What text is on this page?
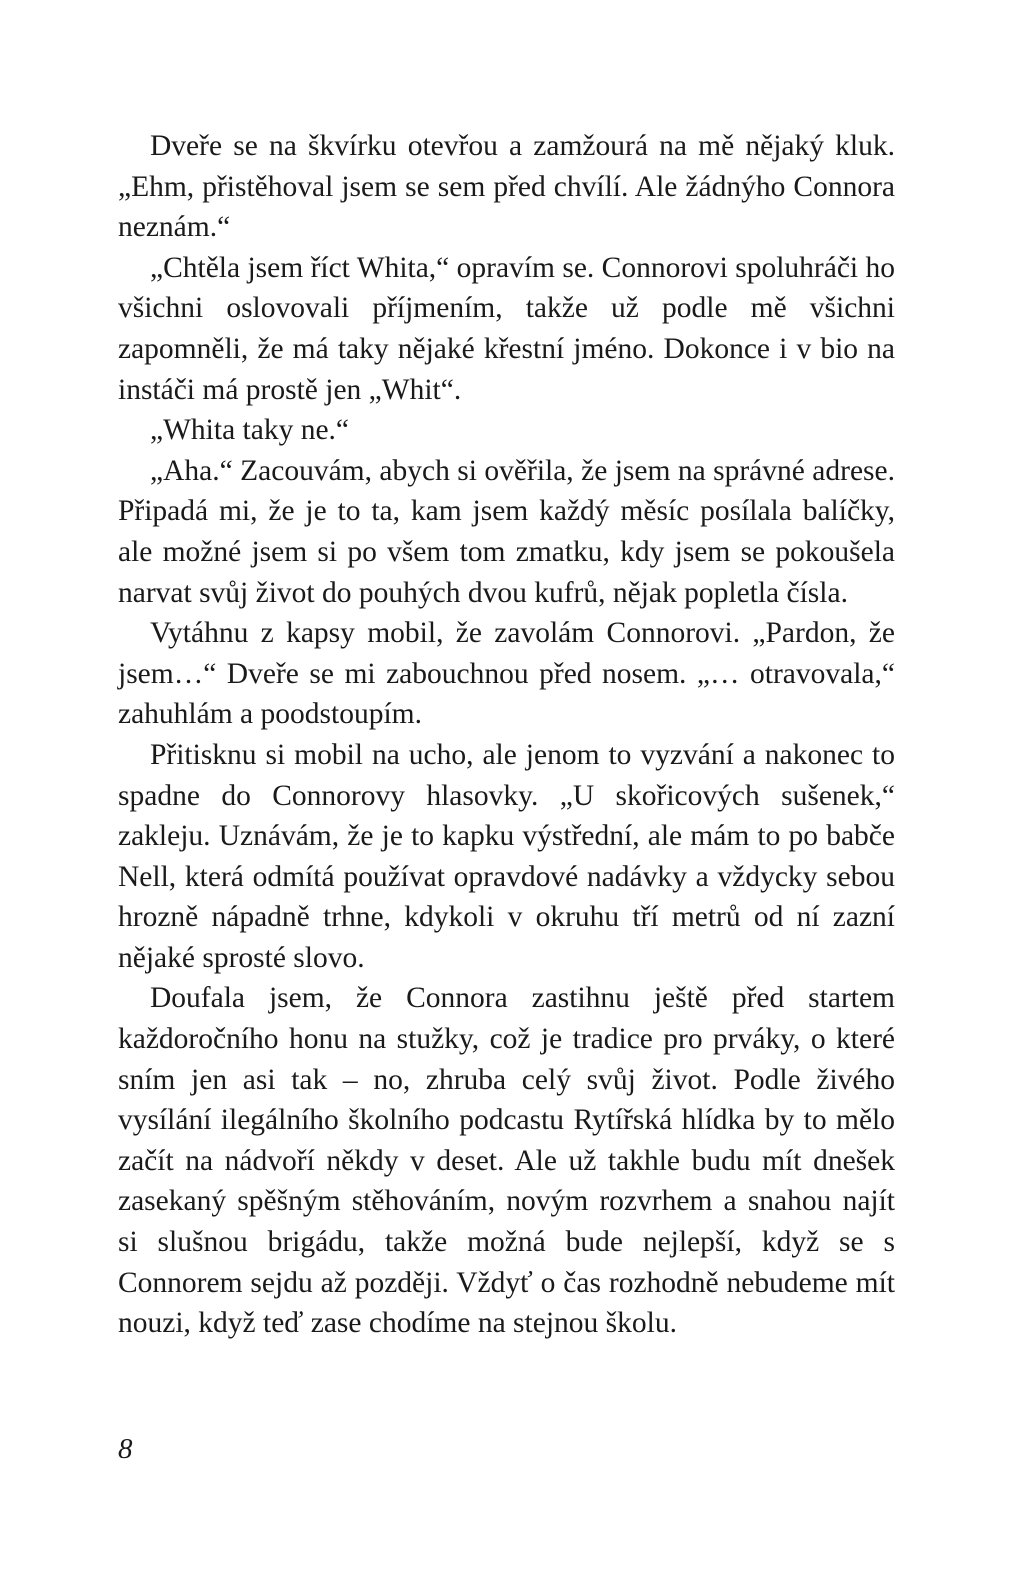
Dveře se na škvírku otevřou a zamžourá na mě nějaký kluk. „Ehm, přistěhoval jsem se sem před chvílí. Ale žádnýho Connora neznám.“

„Chtěla jsem říct Whita,“ opravím se. Connorovi spoluhráči ho všichni oslovovali příjmením, takže už podle mě všichni zapomněli, že má taky nějaké křestní jméno. Dokonce i v bio na instáči má prostě jen „Whit“.

„Whita taky ne.“

„Aha.“ Zacouvám, abych si ověřila, že jsem na správné adrese. Připadá mi, že je to ta, kam jsem každý měsíc posílala balíčky, ale možné jsem si po všem tom zmatku, kdy jsem se pokoušela narvat svůj život do pouhých dvou kufrů, nějak popletla čísla.

Vytáhnu z kapsy mobil, že zavolám Connorovi. „Pardon, že jsem…“ Dveře se mi zabouchnou před nosem. „… otravovala,“ zahuhlám a poodstoupím.

Přitisknu si mobil na ucho, ale jenom to vyzvání a nakonec to spadne do Connorovy hlasovky. „U skořicových sušenek,“ zakleju. Uznávám, že je to kapku výstřední, ale mám to po babče Nell, která odmítá používat opravdové nadávky a vždycky sebou hrozně nápadně trhne, kdykoli v okruhu tří metrů od ní zazní nějaké sprosté slovo.

Doufala jsem, že Connora zastihnu ještě před startem každoročního honu na stužky, což je tradice pro prváky, o které sním jen asi tak – no, zhruba celý svůj život. Podle živého vysílání ilegálního školního podcastu Rytířská hlídka by to mělo začít na nádvoří někdy v deset. Ale už takhle budu mít dnešek zasekaný spěšným stěhováním, novým rozvrhem a snahou najít si slušnou brigádu, takže možná bude nejlepší, když se s Connorem sejdu až později. Vždyť o čas rozhodně nebudeme mít nouzi, když teď zase chodíme na stejnou školu.

8
